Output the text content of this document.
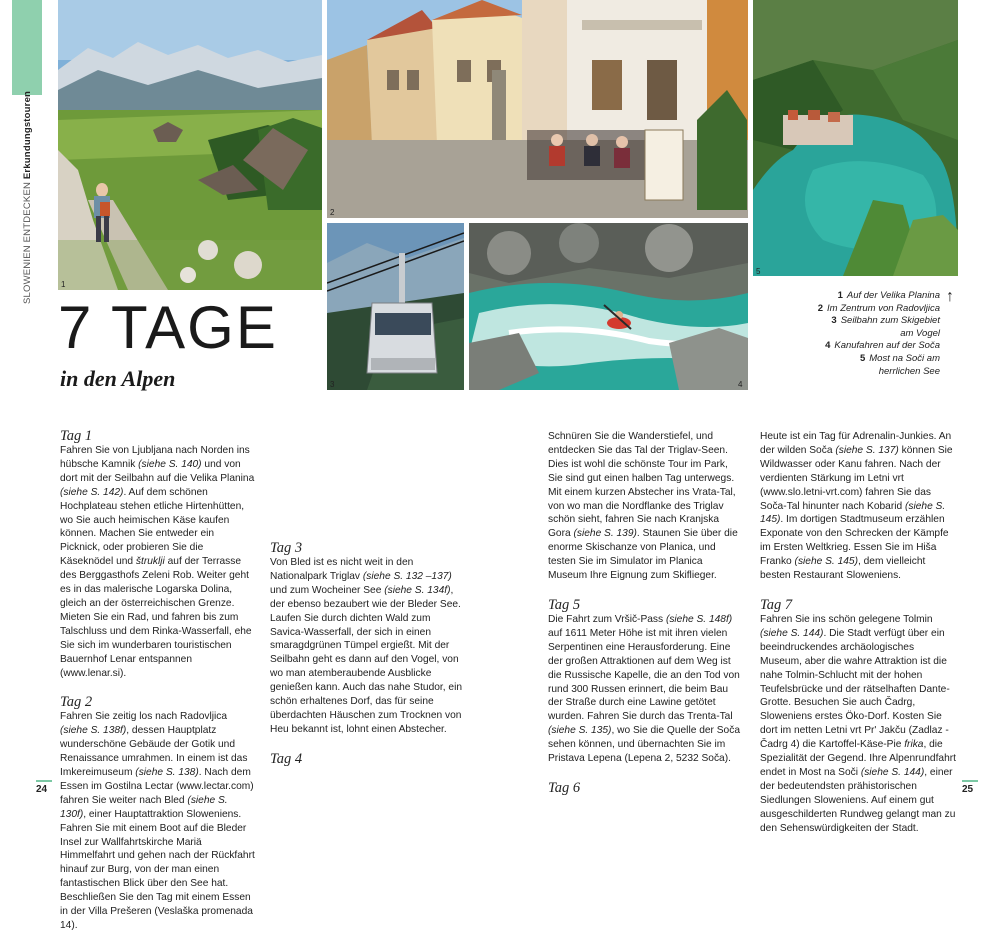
SLOWENIEN ENTDECKEN Erkundungstouren
1
2
5
3	4
7 TAGE
in den Alpen
↑

1 Auf der Velika Planina

2 Im Zentrum von Radovljica

3 Seilbahn zum Skigebiet am Vogel

4 Kanufahren auf der Soča

5 Most na Soči am herrlichen See

Tag 1

Fahren Sie von Ljubljana nach Norden ins hübsche Kamnik (siehe S. 140) und von dort mit der Seilbahn auf die Velika Planina (siehe S. 142). Auf dem schönen Hochplateau stehen etliche Hirtenhütten, wo Sie auch heimischen Käse kaufen können. Machen Sie entweder ein Picknick, oder probieren Sie die Käseknödel und štruklji auf der Terrasse des Berggasthofs Zeleni Rob. Weiter geht es in das malerische Logarska Dolina, gleich an der österreichischen Grenze. Mieten Sie ein Rad, und fahren bis zum Talschluss und dem Rinka-Wasserfall, ehe Sie sich im wunderbaren touristischen Bauernhof Lenar entspannen (www.lenar.si).

Tag 2

Fahren Sie zeitig los nach Radovljica (siehe S. 138f), dessen Hauptplatz wunderschöne Gebäude der Gotik und Renaissance umrahmen. In einem ist das Imkereimuseum (siehe S. 138). Nach dem Essen im Gostilna Lectar (www.lectar.com) fahren Sie weiter nach Bled (siehe S. 130f), einer Hauptattraktion Sloweniens. Fahren Sie mit einem Boot auf die Bleder Insel zur Wallfahrtskirche Mariä Himmelfahrt und gehen nach der Rückfahrt hinauf zur Burg, von der man einen fantastischen Blick über den See hat. Beschließen Sie den Tag mit einem Essen in der Villa Prešeren (Veslaška promenada 14).

Tag 3

Von Bled ist es nicht weit in den Nationalpark Triglav (siehe S. 132 –137) und zum Wocheiner See (siehe S. 134f), der ebenso bezaubert wie der Bleder See. Laufen Sie durch dichten Wald zum Savica-Wasserfall, der sich in einen smaragdgrünen Tümpel ergießt. Mit der Seilbahn geht es dann auf den Vogel, von wo man atemberaubende Ausblicke genießen kann. Auch das nahe Studor, ein schön erhaltenes Dorf, das für seine überdachten Häuschen zum Trocknen von Heu bekannt ist, lohnt einen Abstecher.

Tag 4

Schnüren Sie die Wanderstiefel, und entdecken Sie das Tal der Triglav-Seen. Dies ist wohl die schönste Tour im Park, Sie sind gut einen halben Tag unterwegs. Mit einem kurzen Abstecher ins Vrata-Tal, von wo man die Nordflanke des Triglav schön sieht, fahren Sie nach Kranjska Gora (siehe S. 139). Staunen Sie über die enorme Skischanze von Planica, und testen Sie im Simulator im Planica Museum Ihre Eignung zum Skiflieger.

Tag 5

Die Fahrt zum Vršič-Pass (siehe S. 148f) auf 1611 Meter Höhe ist mit ihren vielen Serpentinen eine Herausforderung. Eine der großen Attraktionen auf dem Weg ist die Russische Kapelle, die an den Tod von rund 300 Russen erinnert, die beim Bau der Straße durch eine Lawine getötet wurden. Fahren Sie durch das Trenta-Tal (siehe S. 135), wo Sie die Quelle der Soča sehen können, und übernachten Sie im Pristava Lepena (Lepena 2, 5232 Soča).

Tag 6

Heute ist ein Tag für Adrenalin-Junkies. An der wilden Soča (siehe S. 137) können Sie Wildwasser oder Kanu fahren. Nach der verdienten Stärkung im Letni vrt (www.slo.letni-vrt.com) fahren Sie das Soča-Tal hinunter nach Kobarid (siehe S. 145). Im dortigen Stadtmuseum erzählen Exponate von den Schrecken der Kämpfe im Ersten Weltkrieg. Essen Sie im Hiša Franko (siehe S. 145), dem vielleicht besten Restaurant Sloweniens.

Tag 7

Fahren Sie ins schön gelegene Tolmin (siehe S. 144). Die Stadt verfügt über ein beeindruckendes archäologisches Museum, aber die wahre Attraktion ist die nahe Tolmin-Schlucht mit der hohen Teufelsbrücke und der rätselhaften Dante-Grotte. Besuchen Sie auch Čadrg, Sloweniens erstes Öko-Dorf. Kosten Sie dort im netten Letni vrt Pr' Jakču (Zadlaz - Čadrg 4) die Kartoffel-Käse-Pie frika, die Spezialität der Gegend. Ihre Alpenrundfahrt endet in Most na Soči (siehe S. 144), einer der bedeutendsten prähistorischen Siedlungen Sloweniens. Auf einem gut ausgeschilderten Rundweg gelangt man zu den Sehenswürdigkeiten der Stadt.

24	25
